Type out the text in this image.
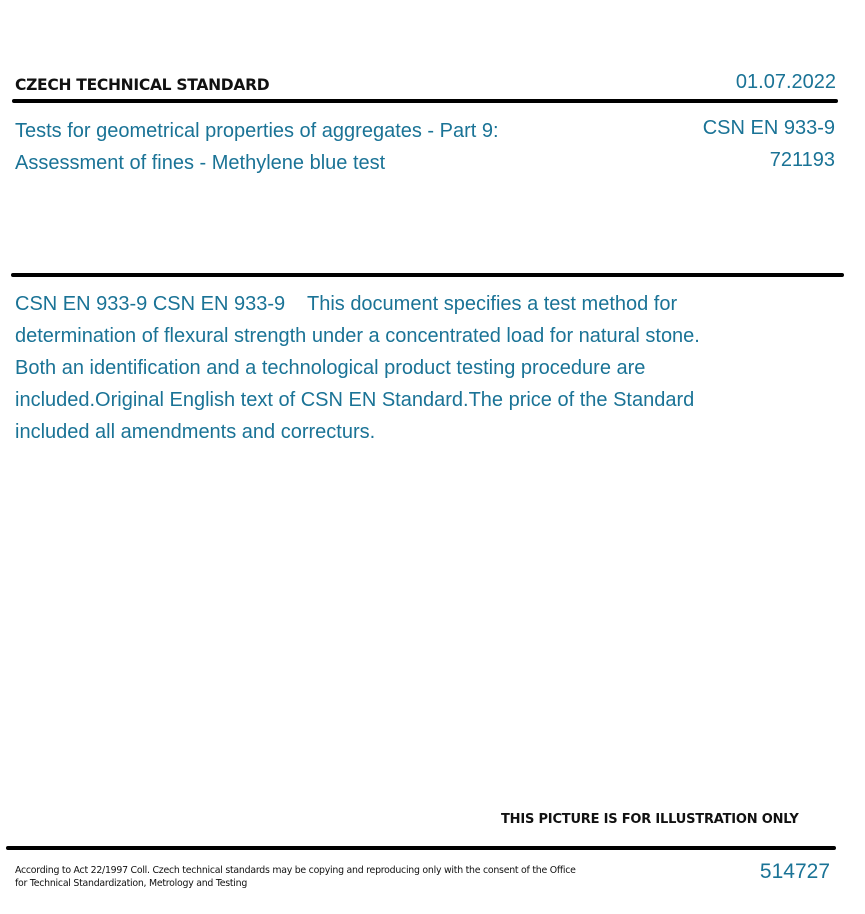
CZECH TECHNICAL STANDARD	01.07.2022
Tests for geometrical properties of aggregates - Part 9: Assessment of fines - Methylene blue test
CSN EN 933-9
721193
CSN EN 933-9 CSN EN 933-9    This document specifies a test method for determination of flexural strength under a concentrated load for natural stone. Both an identification and a technological product testing procedure are included.Original English text of CSN EN Standard.The price of the Standard included all amendments and correcturs.
THIS PICTURE IS FOR ILLUSTRATION ONLY
According to Act 22/1997 Coll. Czech technical standards may be copying and reproducing only with the consent of the Office
for Technical Standardization, Metrology and Testing
514727
